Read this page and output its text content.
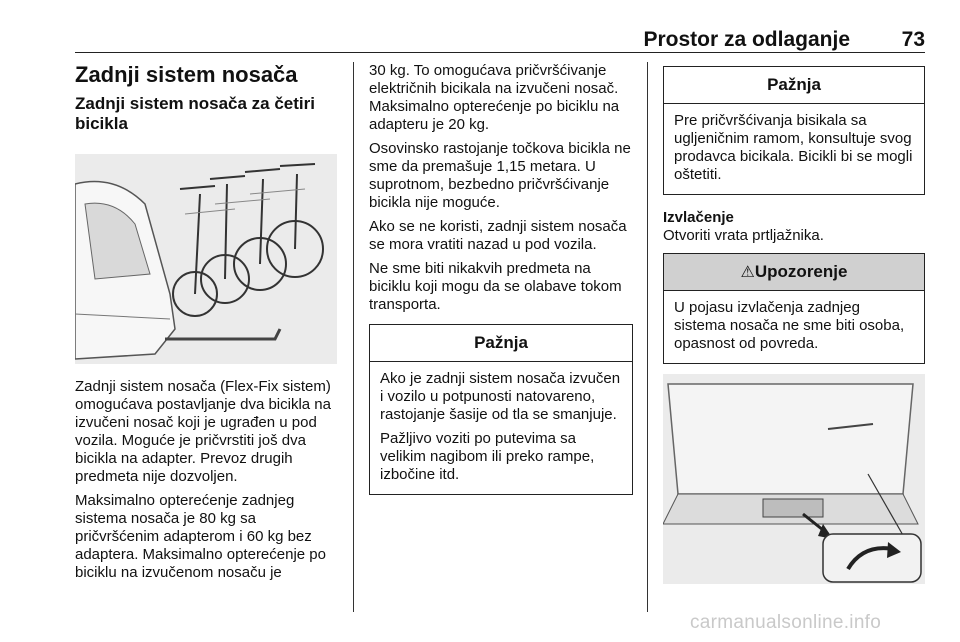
Prostor za odlaganje 73
Zadnji sistem nosača
Zadnji sistem nosača za četiri bicikla

Zadnji sistem nosača (Flex-Fix sistem) omogućava postavljanje dva bicikla na izvučeni nosač koji je ugrađen u pod vozila. Moguće je pričvrstiti još dva bicikla na adapter. Prevoz drugih predmeta nije dozvoljen.

Maksimalno opterećenje zadnjeg sistema nosača je 80 kg sa pričvršćenim adapterom i 60 kg bez adaptera. Maksimalno opterećenje po biciklu na izvučenom nosaču je

30 kg. To omogućava pričvršćivanje električnih bicikala na izvučeni nosač. Maksimalno opterećenje po biciklu na adapteru je 20 kg.

Osovinsko rastojanje točkova bicikla ne sme da premašuje 1,15 metara. U suprotnom, bezbedno pričvršćivanje bicikla nije moguće.

Ako se ne koristi, zadnji sistem nosača se mora vratiti nazad u pod vozila.

Ne sme biti nikakvih predmeta na biciklu koji mogu da se olabave tokom transporta.

Pažnja

Ako je zadnji sistem nosača izvučen i vozilo u potpunosti natovareno, rastojanje šasije od tla se smanjuje.

Pažljivo voziti po putevima sa velikim nagibom ili preko rampe, izbočine itd.

Pažnja

Pre pričvršćivanja bisikala sa ugljeničnim ramom, konsultuje svog prodavca bicikala. Bicikli bi se mogli oštetiti.

Izvlačenje

Otvoriti vrata prtljažnika.

⚠Upozorenje

U pojasu izvlačenja zadnjeg sistema nosača ne sme biti osoba, opasnost od povreda.

carmanualsonline.info
